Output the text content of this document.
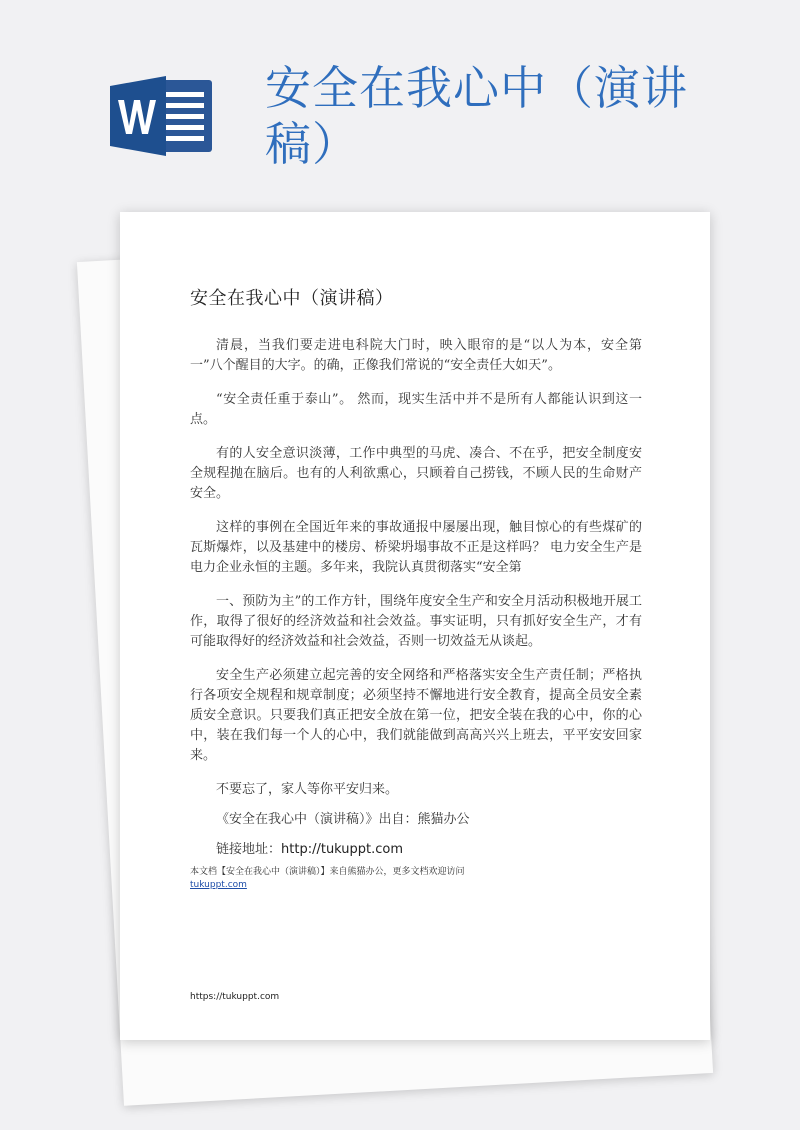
安全在我心中（演讲稿）
安全在我心中（演讲稿）

清晨，当我们要走进电科院大门时，映入眼帘的是“以人为本，安全第一”八个醒目的大字。的确，正像我们常说的“安全责任大如天”。

“安全责任重于泰山”。 然而，现实生活中并不是所有人都能认识到这一点。

有的人安全意识淡薄，工作中典型的马虎、凑合、不在乎，把安全制度安全规程抛在脑后。也有的人利欲熏心，只顾着自己捞钱，不顾人民的生命财产安全。

这样的事例在全国近年来的事故通报中屡屡出现，触目惊心的有些煤矿的瓦斯爆炸，以及基建中的楼房、桥梁坍塌事故不正是这样吗？ 电力安全生产是电力企业永恒的主题。多年来，我院认真贯彻落实“安全第

一、预防为主”的工作方针，围绕年度安全生产和安全月活动积极地开展工作，取得了很好的经济效益和社会效益。事实证明，只有抓好安全生产，才有可能取得好的经济效益和社会效益，否则一切效益无从谈起。

安全生产必须建立起完善的安全网络和严格落实安全生产责任制；严格执行各项安全规程和规章制度；必须坚持不懈地进行安全教育，提高全员安全素质安全意识。只要我们真正把安全放在第一位，把安全装在我的心中，你的心中，装在我们每一个人的心中，我们就能做到高高兴兴上班去，平平安安回家来。

不要忘了，家人等你平安归来。

《安全在我心中（演讲稿）》出自：熊猫办公

链接地址：http://tukuppt.com

本文档【安全在我心中（演讲稿）】来自熊猫办公，更多文档欢迎访问
tukuppt.com

https://tukuppt.com
